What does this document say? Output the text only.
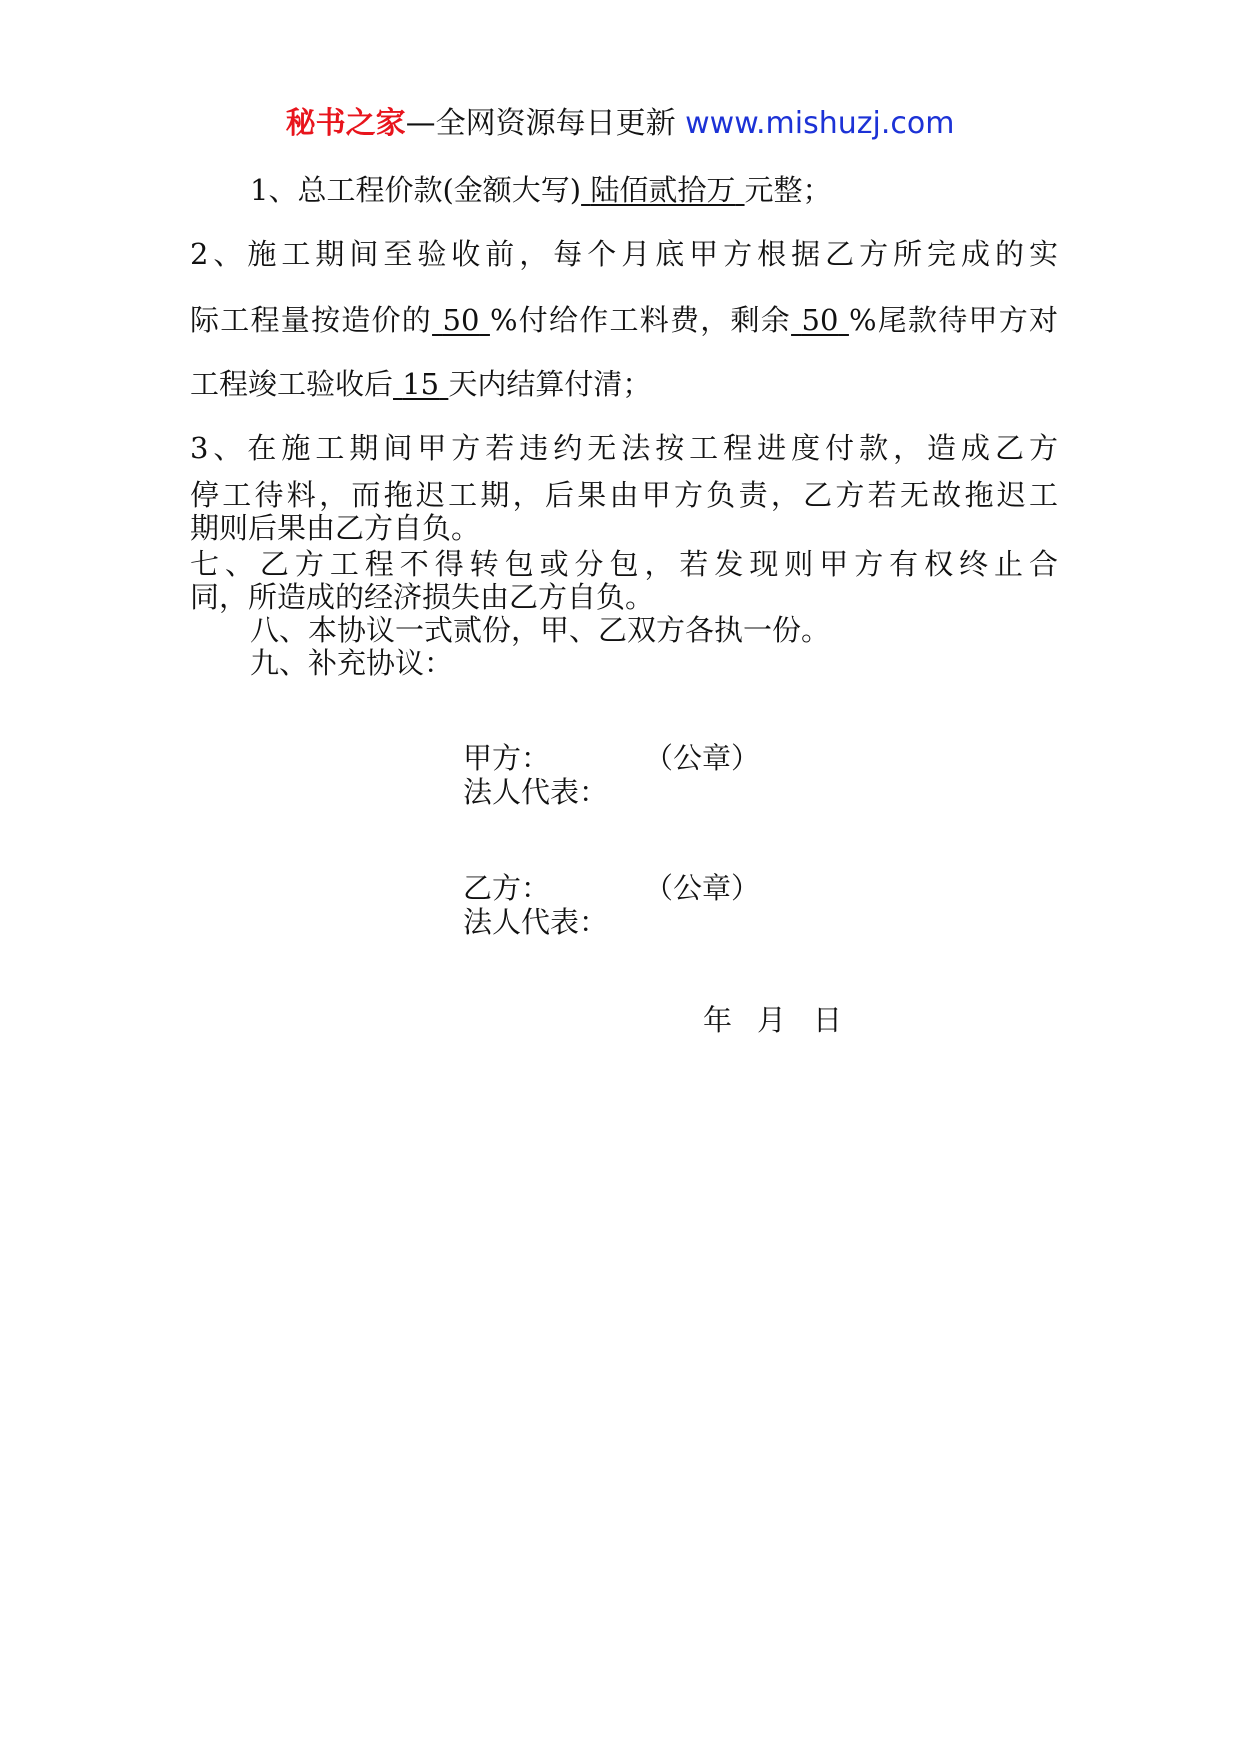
秘书之家—全网资源每日更新 www.mishuzj.com
1、总工程价款(金额大写) 陆佰贰拾万 元整；
2、施工期间至验收前，每个月底甲方根据乙方所完成的实
际工程量按造价的 50 %付给作工料费，剩余 50 %尾款待甲方对
工程竣工验收后 15 天内结算付清；
3、在施工期间甲方若违约无法按工程进度付款，造成乙方
停工待料，而拖迟工期，后果由甲方负责，乙方若无故拖迟工
期则后果由乙方自负。
七、乙方工程不得转包或分包，若发现则甲方有权终止合
同，所造成的经济损失由乙方自负。
八、本协议一式贰份，甲、乙双方各执一份。
九、补充协议：
甲方：	（公章）
法人代表：
乙方：	（公章）
法人代表：
年 月 日
